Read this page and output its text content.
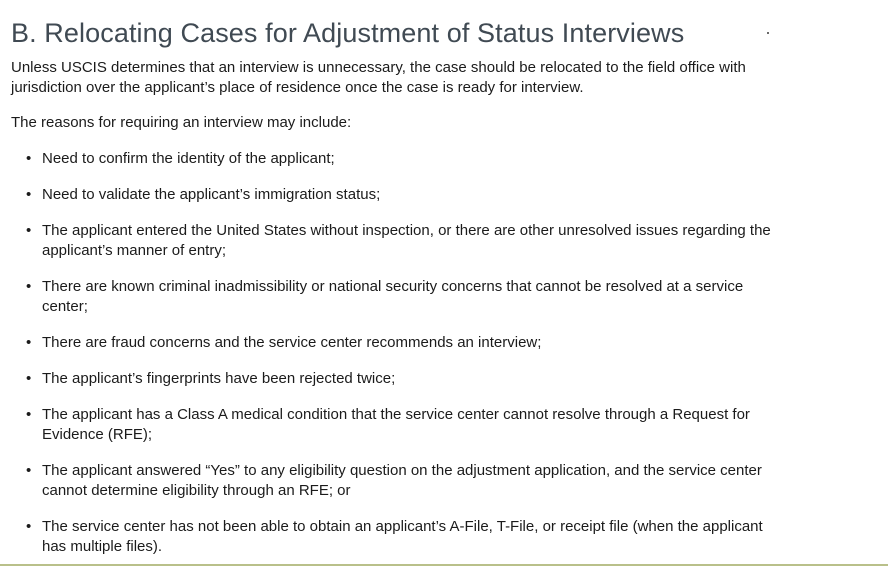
B. Relocating Cases for Adjustment of Status Interviews

Unless USCIS determines that an interview is unnecessary, the case should be relocated to the field office with jurisdiction over the applicant’s place of residence once the case is ready for interview.

The reasons for requiring an interview may include:

• Need to confirm the identity of the applicant;
• Need to validate the applicant’s immigration status;
• The applicant entered the United States without inspection, or there are other unresolved issues regarding the applicant’s manner of entry;
• There are known criminal inadmissibility or national security concerns that cannot be resolved at a service center;
• There are fraud concerns and the service center recommends an interview;
• The applicant’s fingerprints have been rejected twice;
• The applicant has a Class A medical condition that the service center cannot resolve through a Request for Evidence (RFE);
• The applicant answered “Yes” to any eligibility question on the adjustment application, and the service center cannot determine eligibility through an RFE; or
• The service center has not been able to obtain an applicant’s A-File, T-File, or receipt file (when the applicant has multiple files).
